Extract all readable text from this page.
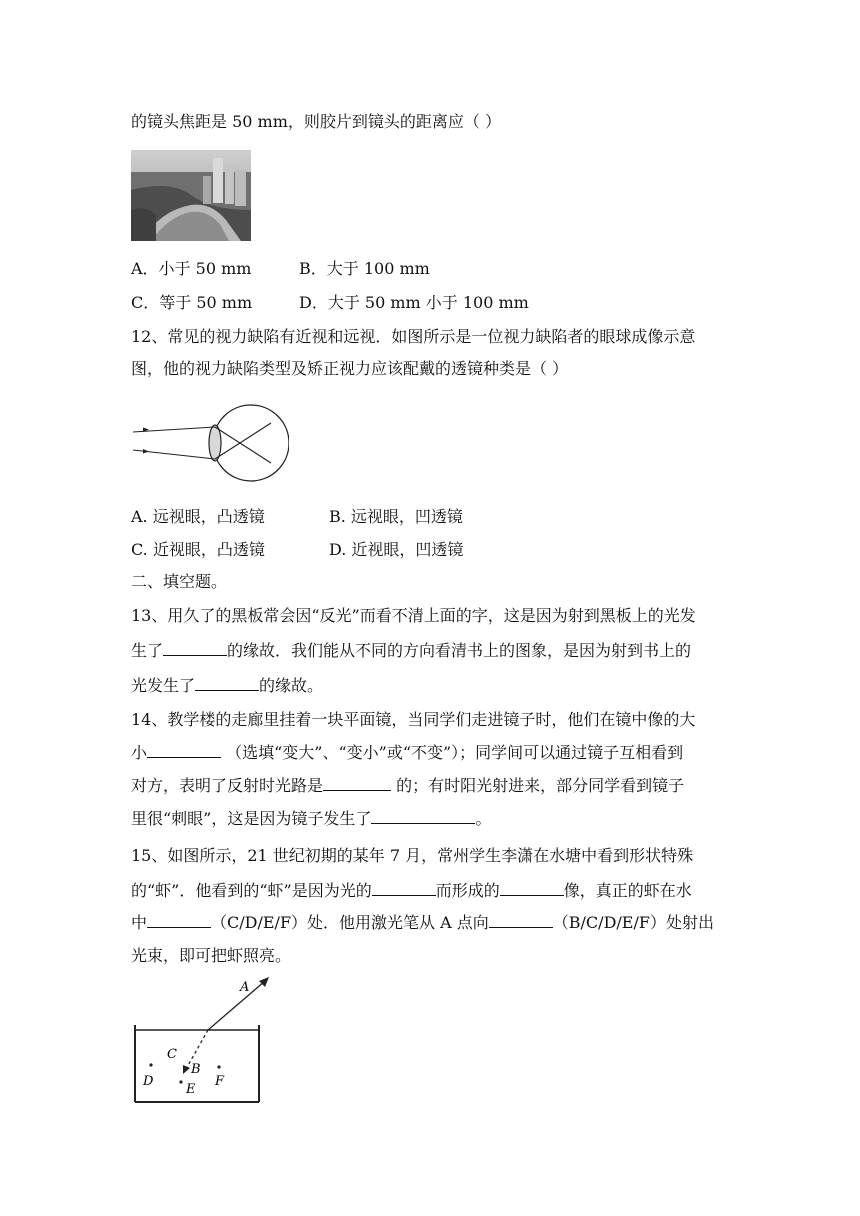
的镜头焦距是 50 mm，则胶片到镜头的距离应（ ）
A．小于 50 mm	B．大于 100 mm
C．等于 50 mm	D．大于 50 mm 小于 100 mm
12、常见的视力缺陷有近视和远视．如图所示是一位视力缺陷者的眼球成像示意
图，他的视力缺陷类型及矫正视力应该配戴的透镜种类是（ ）
A. 远视眼，凸透镜	B. 远视眼，凹透镜
C. 近视眼，凸透镜	D. 近视眼，凹透镜
二、填空题。
13、用久了的黑板常会因“反光”而看不清上面的字，这是因为射到黑板上的光发
生了	的缘故．我们能从不同的方向看清书上的图象，是因为射到书上的
光发生了	的缘故。
14、教学楼的走廊里挂着一块平面镜，当同学们走进镜子时，他们在镜中像的大
小	（选填“变大”、“变小”或“不变”）；同学间可以通过镜子互相看到
对方，表明了反射时光路是	的；有时阳光射进来，部分同学看到镜子
里很“刺眼”，这是因为镜子发生了	。
15、如图所示，21 世纪初期的某年 7 月，常州学生李潇在水塘中看到形状特殊
的“虾”．他看到的“虾”是因为光的	而形成的	像，真正的虾在水
中	（C/D/E/F）处．他用激光笔从 A 点向	（B/C/D/E/F）处射出
光束，即可把虾照亮。
A
B
C
D
E
F
